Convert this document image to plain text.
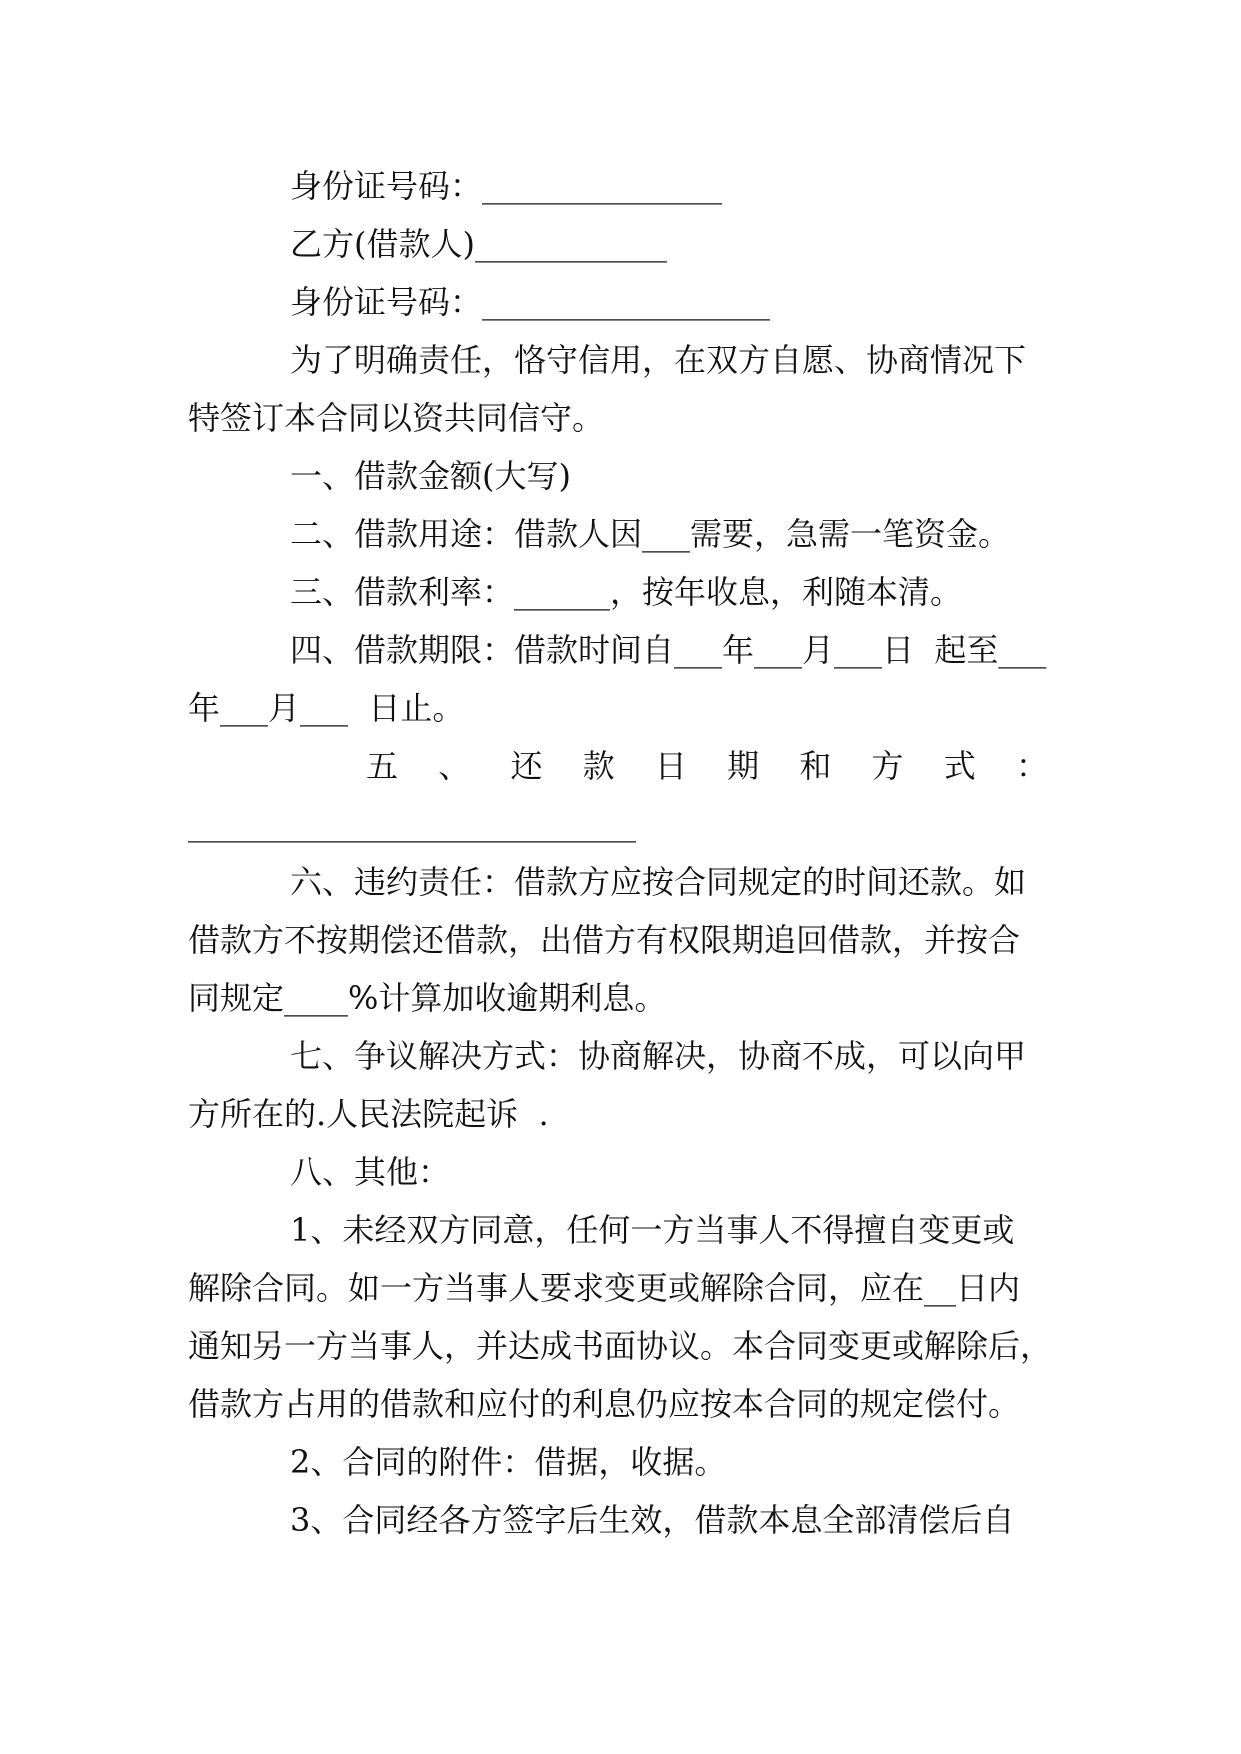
身份证号码：_______________
乙方(借款人)____________
身份证号码：__________________
为了明确责任，恪守信用，在双方自愿、协商情况下
特签订本合同以资共同信守。
一、借款金额(大写)
二、借款用途：借款人因___需要，急需一笔资金。
三、借款利率：______，按年收息，利随本清。
四、借款期限：借款时间自___年___月___日  起至___
年___月___  日止。
五 、 还 款 日 期 和 方 式 ：
____________________________
六、违约责任：借款方应按合同规定的时间还款。如
借款方不按期偿还借款，出借方有权限期追回借款，并按合
同规定____%计算加收逾期利息。
七、争议解决方式：协商解决，协商不成，可以向甲
方所在的.人民法院起诉  .
八、其他：
1、未经双方同意，任何一方当事人不得擅自变更或
解除合同。如一方当事人要求变更或解除合同，应在__日内
通知另一方当事人，并达成书面协议。本合同变更或解除后，
借款方占用的借款和应付的利息仍应按本合同的规定偿付。
2、合同的附件：借据，收据。
3、合同经各方签字后生效，借款本息全部清偿后自
